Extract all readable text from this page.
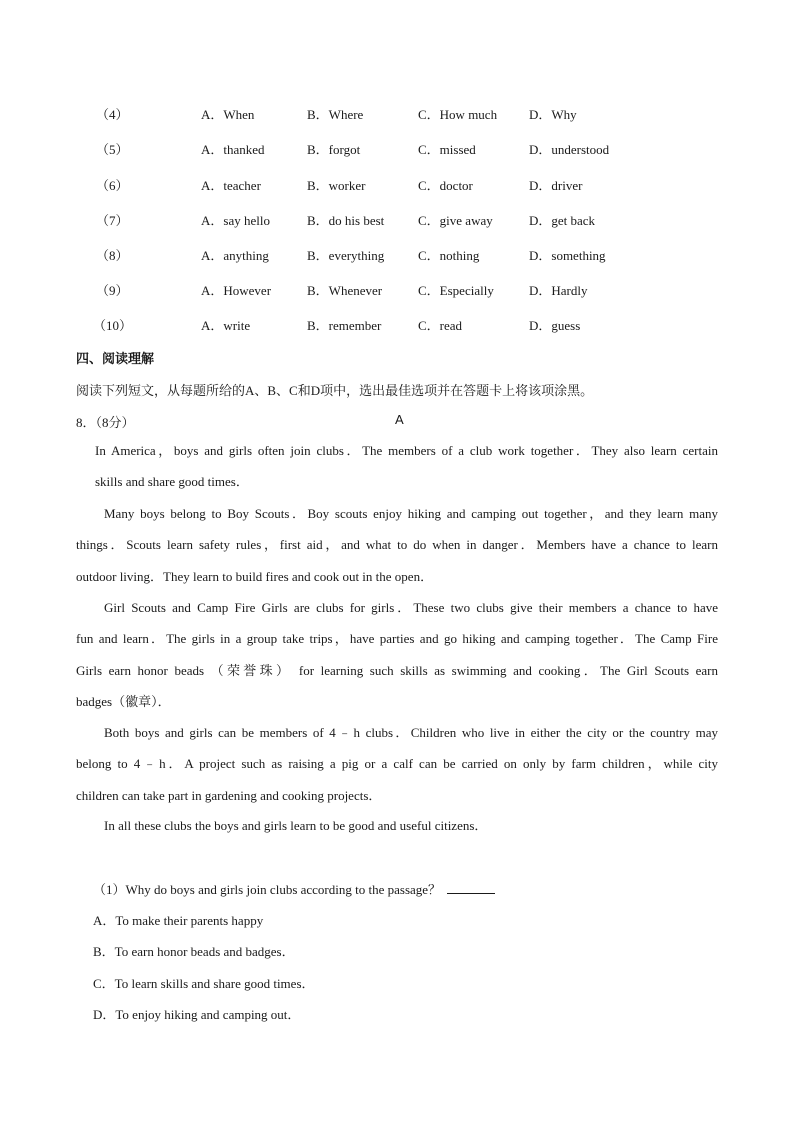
（4）	A．When	B．Where	C．How much D．Why
（5）	A．thanked	B．forgot	C．missed	D．understood
（6）	A．teacher	B．worker	C．doctor	D．driver
（7）	A．say hello	B．do his best	C．give away	D．get back
（8）	A．anything	B．everything	C．nothing	D．something
（9）	A．However	B．Whenever	C．Especially	D．Hardly
（10）	A．write	B．remember	C．read	D．guess
四、阅读理解
阅读下列短文，从每题所给的A、B、C和D项中，选出最佳选项并在答题卡上将该项涂黑。
8．（8分）	A
In America，boys and girls often join clubs．The members of a club work together．They also learn certain
skills and share good times．
Many boys belong to Boy Scouts．Boy scouts enjoy hiking and camping out together，and they learn many
things．Scouts learn safety rules，first aid，and what to do when in danger．Members have a chance to learn
outdoor living．They learn to build fires and cook out in the open．
Girl Scouts and Camp Fire Girls are clubs for girls．These two clubs give their members a chance to have
fun and learn．The girls in a group take trips，have parties and go hiking and camping together．The Camp Fire
Girls earn honor beads （荣誉珠） for learning such skills as swimming and cooking．The Girl Scouts earn
badges（徽章）．
Both boys and girls can be members of 4﹣h clubs．Children who live in either the city or the country may
belong to 4﹣h．A project such as raising a pig or a calf can be carried on only by farm children，while city
children can take part in gardening and cooking projects．
In all these clubs the boys and girls learn to be good and useful citizens．
（1）Why do boys and girls join clubs according to the passage？
A．To make their parents happy
B．To earn honor beads and badges．
C．To learn skills and share good times．
D．To enjoy hiking and camping out．
